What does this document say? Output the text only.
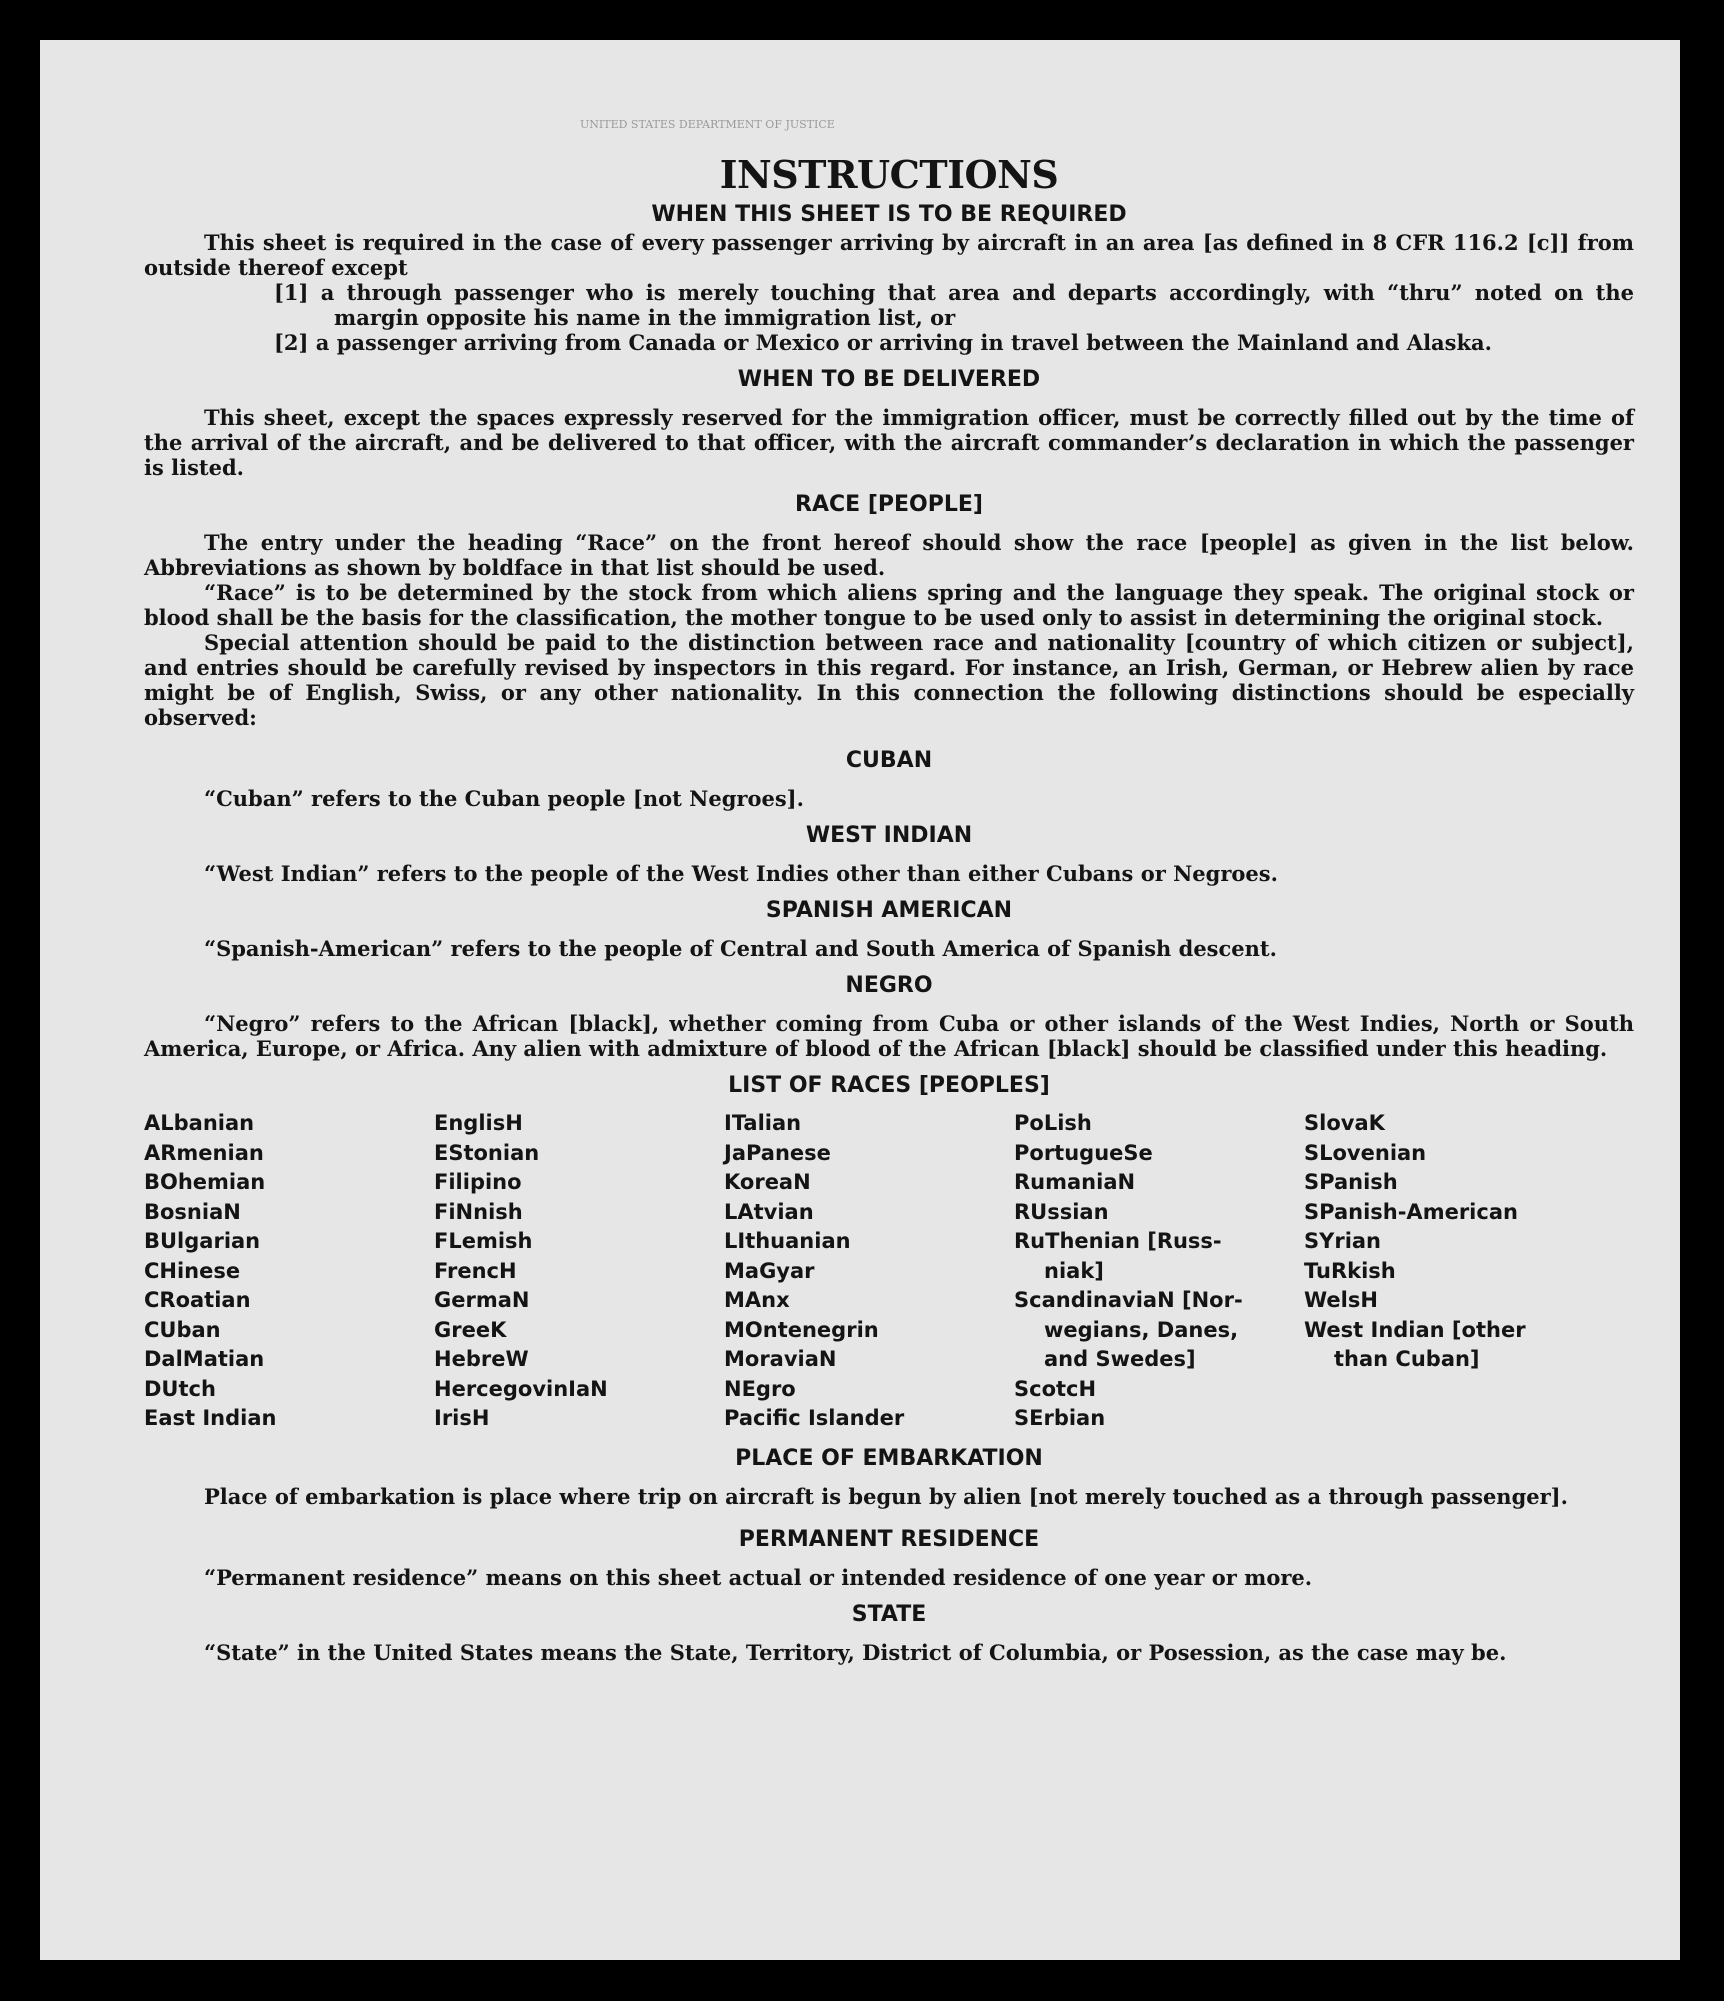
UNITED STATES DEPARTMENT OF JUSTICE
INSTRUCTIONS
WHEN THIS SHEET IS TO BE REQUIRED

This sheet is required in the case of every passenger arriving by aircraft in an area [as defined in 8 CFR 116.2 [c]] from outside thereof except

[1] a through passenger who is merely touching that area and departs accordingly, with “thru” noted on the margin opposite his name in the immigration list, or

[2] a passenger arriving from Canada or Mexico or arriving in travel between the Mainland and Alaska.

WHEN TO BE DELIVERED

This sheet, except the spaces expressly reserved for the immigration officer, must be correctly filled out by the time of the arrival of the aircraft, and be delivered to that officer, with the aircraft commander’s declaration in which the passenger is listed.

RACE [PEOPLE]

The entry under the heading “Race” on the front hereof should show the race [people] as given in the list below. Abbreviations as shown by boldface in that list should be used.

“Race” is to be determined by the stock from which aliens spring and the language they speak. The original stock or blood shall be the basis for the classification, the mother tongue to be used only to assist in determining the original stock.

Special attention should be paid to the distinction between race and nationality [country of which citizen or subject], and entries should be carefully revised by inspectors in this regard. For instance, an Irish, German, or Hebrew alien by race might be of English, Swiss, or any other nationality. In this connection the following distinctions should be especially observed:

CUBAN

“Cuban” refers to the Cuban people [not Negroes].

WEST INDIAN

“West Indian” refers to the people of the West Indies other than either Cubans or Negroes.

SPANISH AMERICAN

“Spanish-American” refers to the people of Central and South America of Spanish descent.

NEGRO

“Negro” refers to the African [black], whether coming from Cuba or other islands of the West Indies, North or South America, Europe, or Africa. Any alien with admixture of blood of the African [black] should be classified under this heading.

LIST OF RACES [PEOPLES]
ALbanian
ARmenian
BOhemian
BosniaN
BUlgarian
CHinese
CRoatian
CUban
DalMatian
DUtch
East Indian
EnglisH
EStonian
Filipino
FiNnish
FLemish
FrencH
GermaN
GreeK
HebreW
HercegovinIaN
IrisH
ITalian
JaPanese
KoreaN
LAtvian
LIthuanian
MaGyar
MAnx
MOntenegrin
MoraviaN
NEgro
Pacific Islander
PoLish
PortugueSe
RumaniaN
RUssian
RuThenian [Russ-
niak]
ScandinaviaN [Nor-
wegians, Danes,
and Swedes]
ScotcH
SErbian
SlovaK
SLovenian
SPanish
SPanish-American
SYrian
TuRkish
WelsH
West Indian [other
than Cuban]
PLACE OF EMBARKATION

Place of embarkation is place where trip on aircraft is begun by alien [not merely touched as a through passenger].

PERMANENT RESIDENCE

“Permanent residence” means on this sheet actual or intended residence of one year or more.

STATE

“State” in the United States means the State, Territory, District of Columbia, or Posession, as the case may be.
